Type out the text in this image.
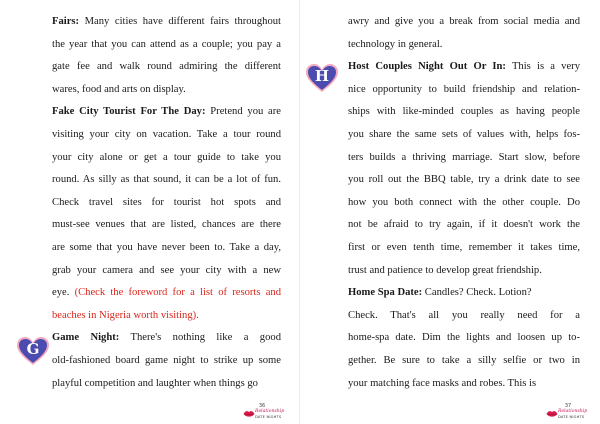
Fairs: Many cities have different fairs throughout
the year that you can attend as a couple; you pay a
gate fee and walk round admiring the different
wares, food and arts on display.
Fake City Tourist For The Day: Pretend you are
visiting your city on vacation. Take a tour round
your city alone or get a tour guide to take you
round. As silly as that sound, it can be a lot of fun.
Check travel sites for tourist hot spots and
must-see venues that are listed, chances are there
are some that you have never been to. Take a day,
grab your camera and see your city with a new
eye. (Check the foreword for a list of resorts and
beaches in Nigeria worth visiting).
Game Night: There's nothing like a good
old-fashioned board game night to strike up some
playful competition and laughter when things go
G
36
Relationship
DATE NIGHTS
awry and give you a break from social media and
technology in general.
Host Couples Night Out Or In: This is a very
nice opportunity to build friendship and relation-
ships with like-minded couples as having people
you share the same sets of values with, helps fos-
ters builds a thriving marriage. Start slow, before
you roll out the BBQ table, try a drink date to see
how you both connect with the other couple. Do
not be afraid to try again, if it doesn't work the
first or even tenth time, remember it takes time,
trust and patience to develop great friendship.
Home Spa Date: Candles? Check. Lotion?
Check. That's all you really need for a
home-spa date. Dim the lights and loosen up to-
gether. Be sure to take a silly selfie or two in
your matching face masks and robes. This is
H
37
Relationship
DATE NIGHTS
